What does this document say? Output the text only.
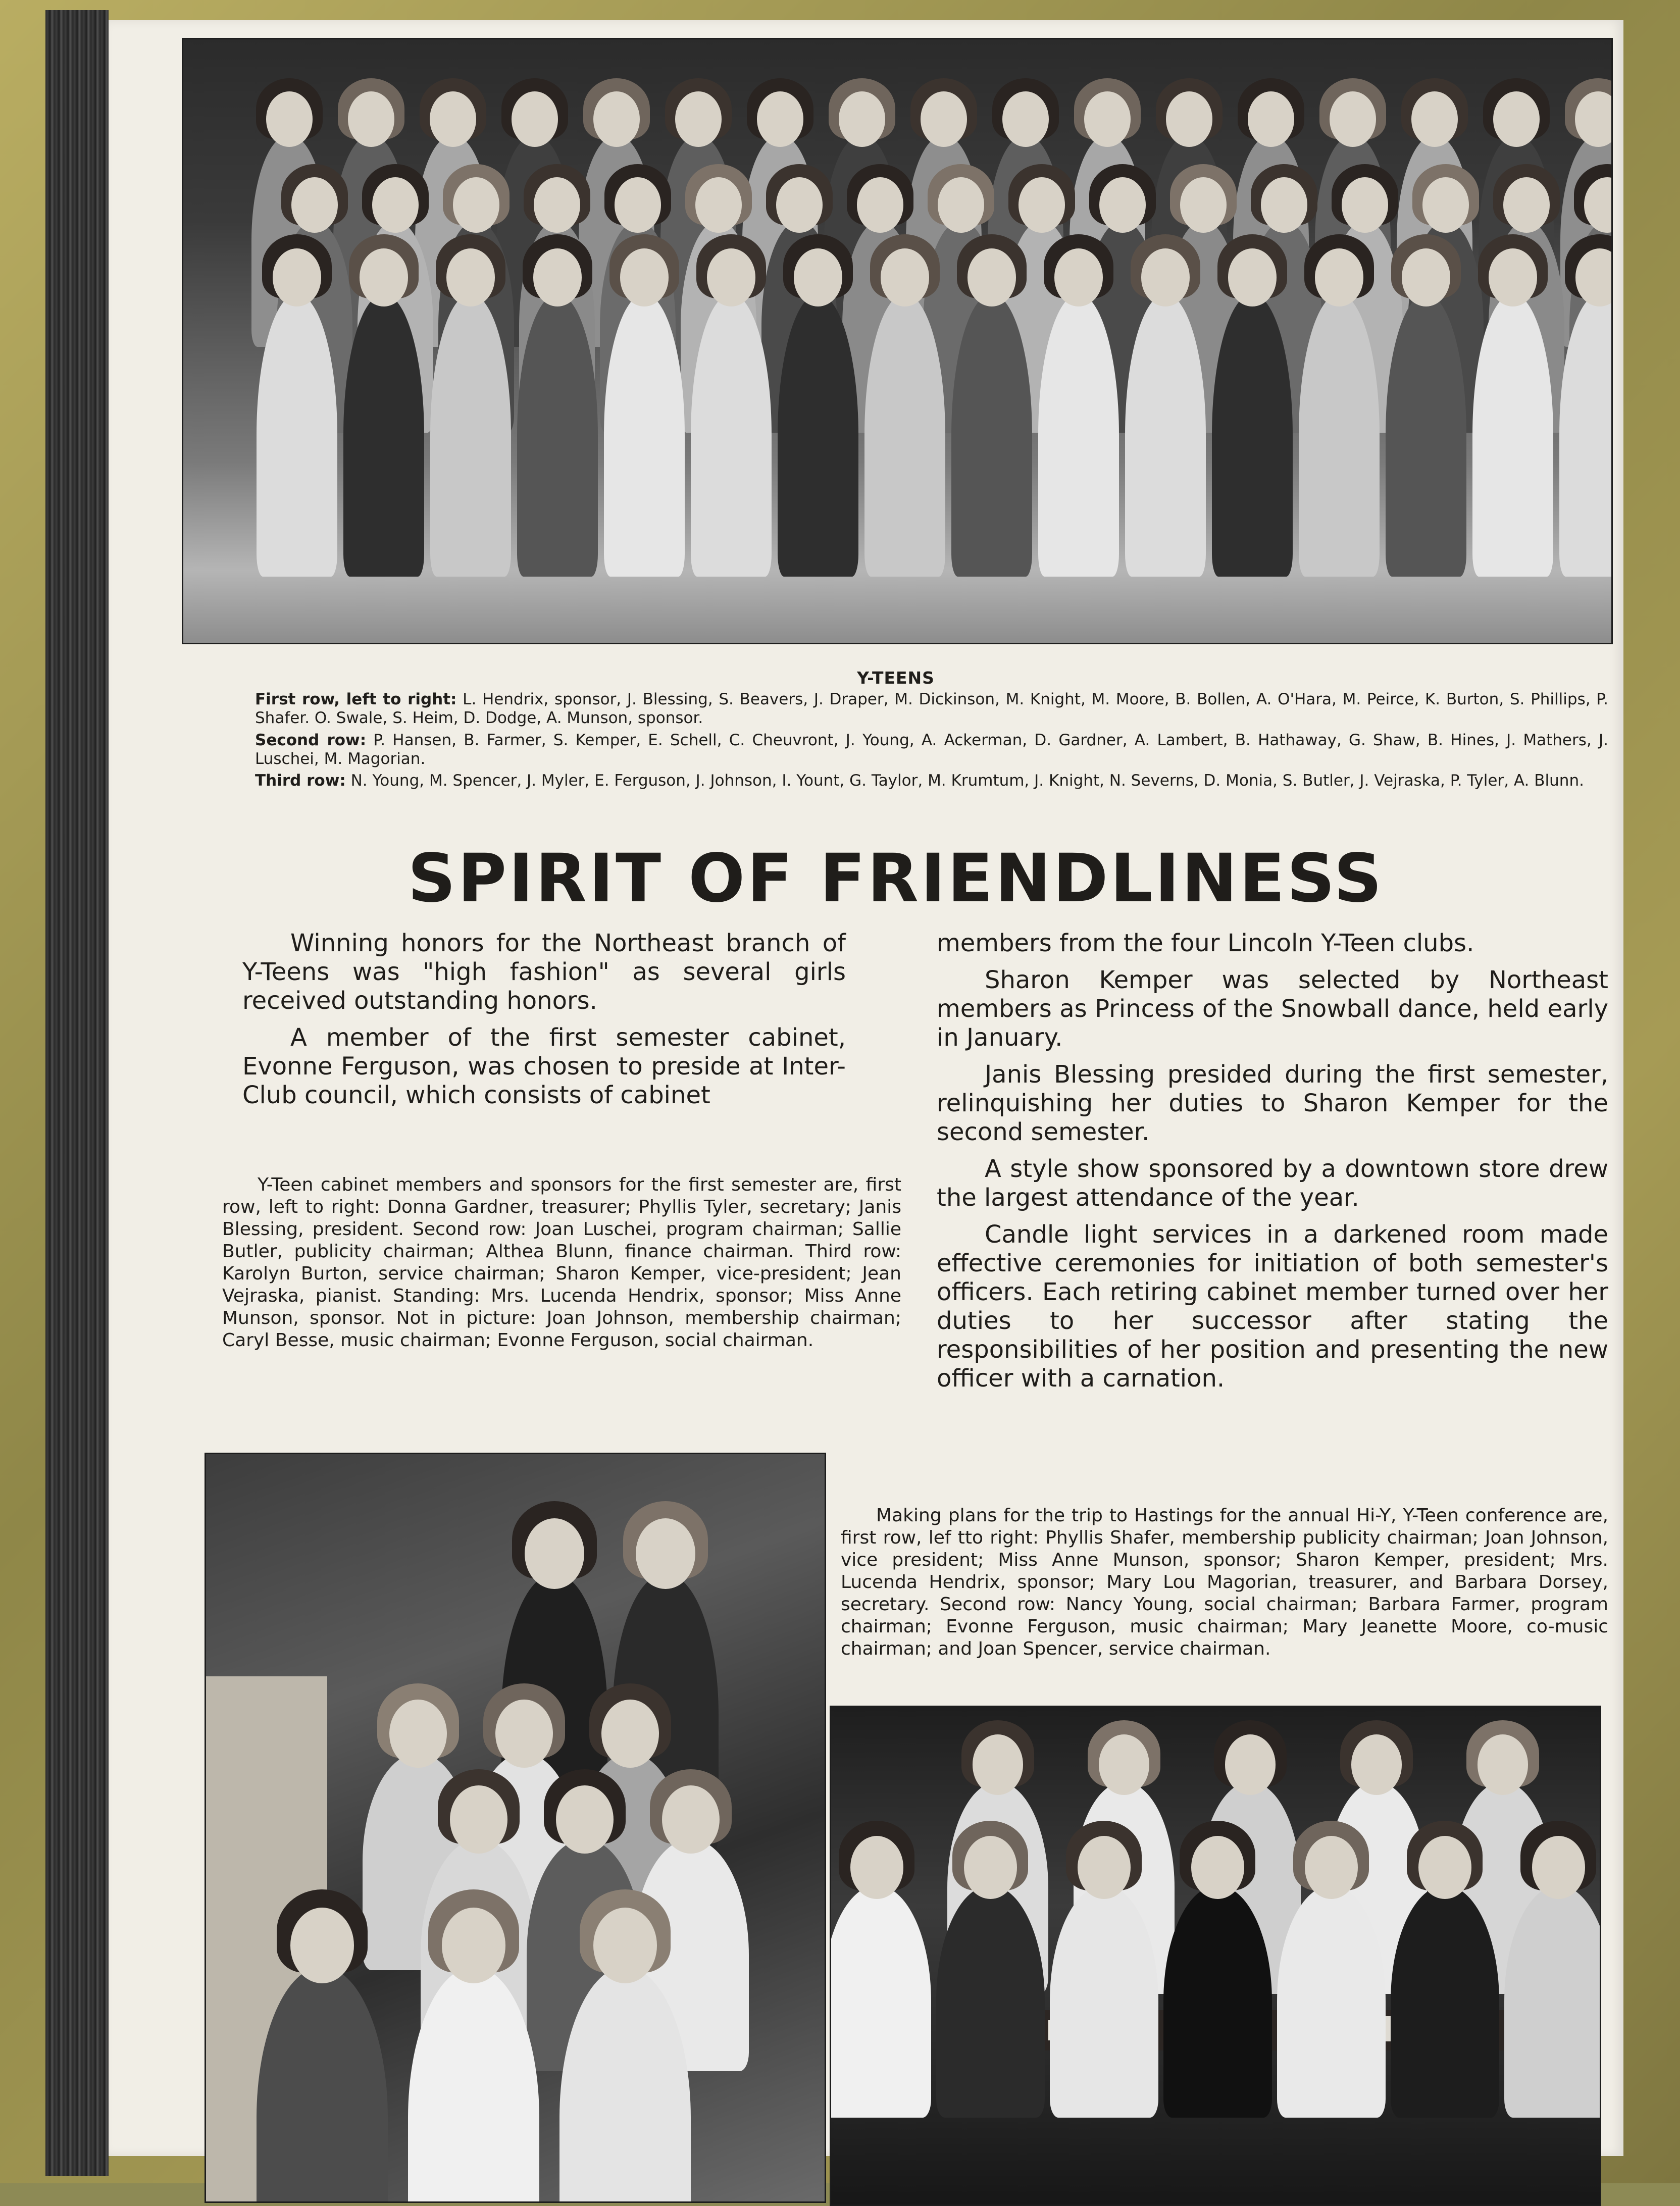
Y-TEENS
First row, left to right: L. Hendrix, sponsor, J. Blessing, S. Beavers, J. Draper, M. Dickinson, M. Knight, M. Moore, B. Bollen, A. O'Hara, M. Peirce, K. Burton, S. Phillips, P. Shafer. O. Swale, S. Heim, D. Dodge, A. Munson, sponsor.
Second row: P. Hansen, B. Farmer, S. Kemper, E. Schell, C. Cheuvront, J. Young, A. Ackerman, D. Gardner, A. Lambert, B. Hathaway, G. Shaw, B. Hines, J. Mathers, J. Luschei, M. Magorian.
Third row: N. Young, M. Spencer, J. Myler, E. Ferguson, J. Johnson, I. Yount, G. Taylor, M. Krumtum, J. Knight, N. Severns, D. Monia, S. Butler, J. Vejraska, P. Tyler, A. Blunn.
SPIRIT OF FRIENDLINESS

Winning honors for the Northeast branch of Y-Teens was "high fashion" as several girls received outstanding honors.

A member of the first semester cabinet, Evonne Ferguson, was chosen to preside at Inter-Club council, which consists of cabinet

members from the four Lincoln Y-Teen clubs.

Sharon Kemper was selected by Northeast members as Princess of the Snowball dance, held early in January.

Janis Blessing presided during the first semester, relinquishing her duties to Sharon Kemper for the second semester.

A style show sponsored by a downtown store drew the largest attendance of the year.

Candle light services in a darkened room made effective ceremonies for initiation of both semester's officers. Each retiring cabinet member turned over her duties to her successor after stating the responsibilities of her position and presenting the new officer with a carnation.

Y-Teen cabinet members and sponsors for the first semester are, first row, left to right: Donna Gardner, treasurer; Phyllis Tyler, secretary; Janis Blessing, president. Second row: Joan Luschei, program chairman; Sallie Butler, publicity chairman; Althea Blunn, finance chairman. Third row: Karolyn Burton, service chairman; Sharon Kemper, vice-president; Jean Vejraska, pianist. Standing: Mrs. Lucenda Hendrix, sponsor; Miss Anne Munson, sponsor. Not in picture: Joan Johnson, membership chairman; Caryl Besse, music chairman; Evonne Ferguson, social chairman.

Making plans for the trip to Hastings for the annual Hi-Y, Y-Teen conference are, first row, lef tto right: Phyllis Shafer, membership publicity chairman; Joan Johnson, vice president; Miss Anne Munson, sponsor; Sharon Kemper, president; Mrs. Lucenda Hendrix, sponsor; Mary Lou Magorian, treasurer, and Barbara Dorsey, secretary. Second row: Nancy Young, social chairman; Barbara Farmer, program chairman; Evonne Ferguson, music chairman; Mary Jeanette Moore, co-music chairman; and Joan Spencer, service chairman.
